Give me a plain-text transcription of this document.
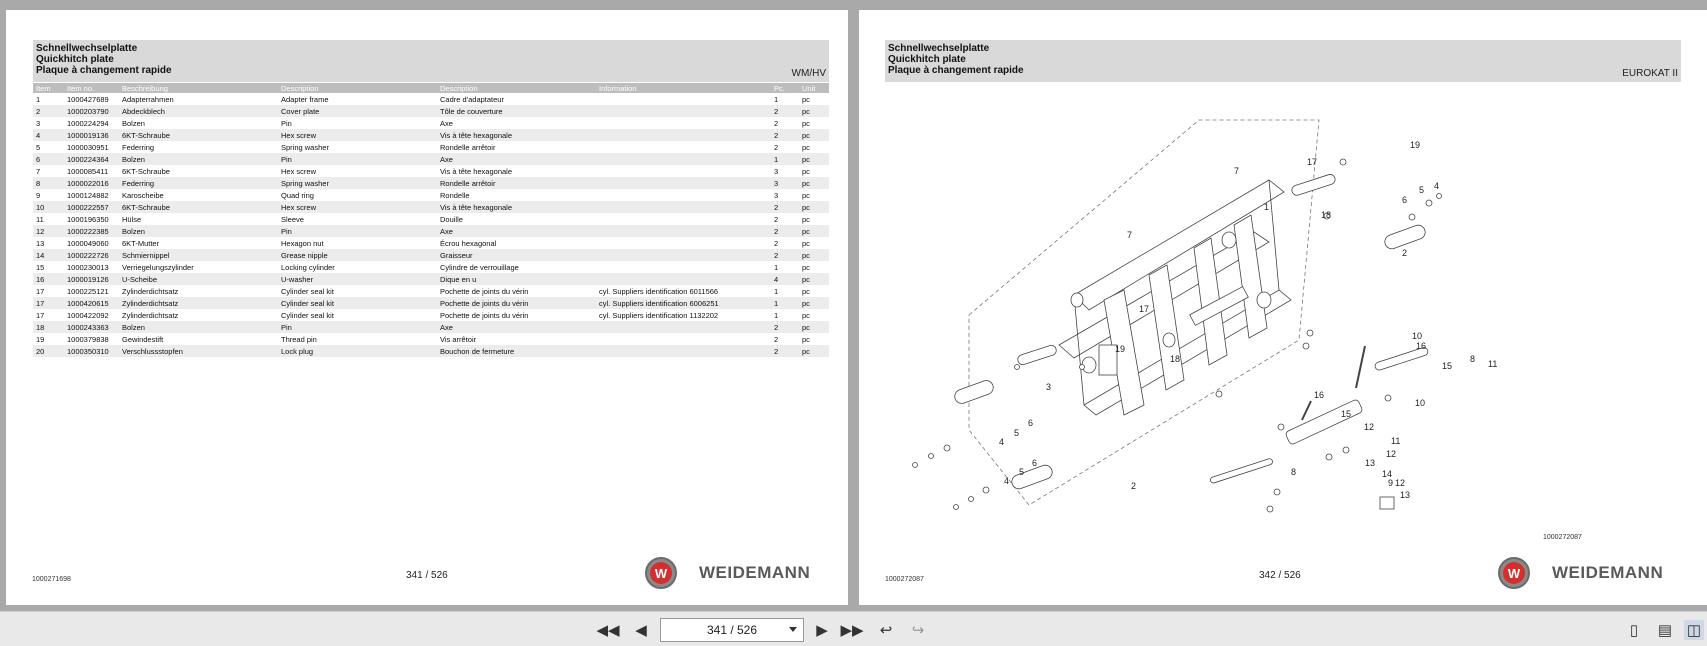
Schnellwechselplatte
Quickhitch plate
Plaque à changement rapide	WM/HV
Item	Item no.	Beschreibung	Description	Description	Information	Pc.	Unit
1	1000427689	Adapterrahmen	Adapter frame	Cadre d'adaptateur		1	pc
2	1000203790	Abdeckblech	Cover plate	Tôle de couverture		2	pc
3	1000224294	Bolzen	Pin	Axe		2	pc
4	1000019136	6KT-Schraube	Hex screw	Vis à tête hexagonale		2	pc
5	1000030951	Federring	Spring washer	Rondelle arrêtoir		2	pc
6	1000224364	Bolzen	Pin	Axe		1	pc
7	1000085411	6KT-Schraube	Hex screw	Vis à tête hexagonale		3	pc
8	1000022016	Federring	Spring washer	Rondelle arrêtoir		3	pc
9	1000124882	Karoscheibe	Quad ring	Rondelle		3	pc
10	1000222557	6KT-Schraube	Hex screw	Vis à tête hexagonale		2	pc
11	1000196350	Hülse	Sleeve	Douille		2	pc
12	1000222385	Bolzen	Pin	Axe		2	pc
13	1000049060	6KT-Mutter	Hexagon nut	Écrou hexagonal		2	pc
14	1000222726	Schmiernippel	Grease nipple	Graisseur		2	pc
15	1000230013	Verriegelungszylinder	Locking cylinder	Cylindre de verrouillage		1	pc
16	1000019126	U-Scheibe	U-washer	Dique en u		4	pc
17	1000225121	Zylinderdichtsatz	Cylinder seal kit	Pochette de joints du vérin	cyl. Suppliers identification 6011566	1	pc
17	1000420615	Zylinderdichtsatz	Cylinder seal kit	Pochette de joints du vérin	cyl. Suppliers identification 6006251	1	pc
17	1000422092	Zylinderdichtsatz	Cylinder seal kit	Pochette de joints du vérin	cyl. Suppliers identification 1132202	1	pc
18	1000243363	Bolzen	Pin	Axe		2	pc
19	1000379838	Gewindestift	Thread pin	Vis arrêtoir		2	pc
20	1000350310	Verschlussstopfen	Lock plug	Bouchon de fermeture		2	pc
1000271698	341 / 526	W WEIDEMANN
Schnellwechselplatte
Quickhitch plate
Plaque à changement rapide	EUROKAT II
19
17
7
18
4
5
6
2
1
7
17
19
18
16
15
10
11
8
3
6
5
4
16
15
10
11
12
9
12
13
6
5
4	2
8
12
13
14
1000272087
1000272087	342 / 526	W WEIDEMANN
◀◀ ◀	341 / 526	▶ ▶▶ ↩ ↪	▯	▤ ◫
